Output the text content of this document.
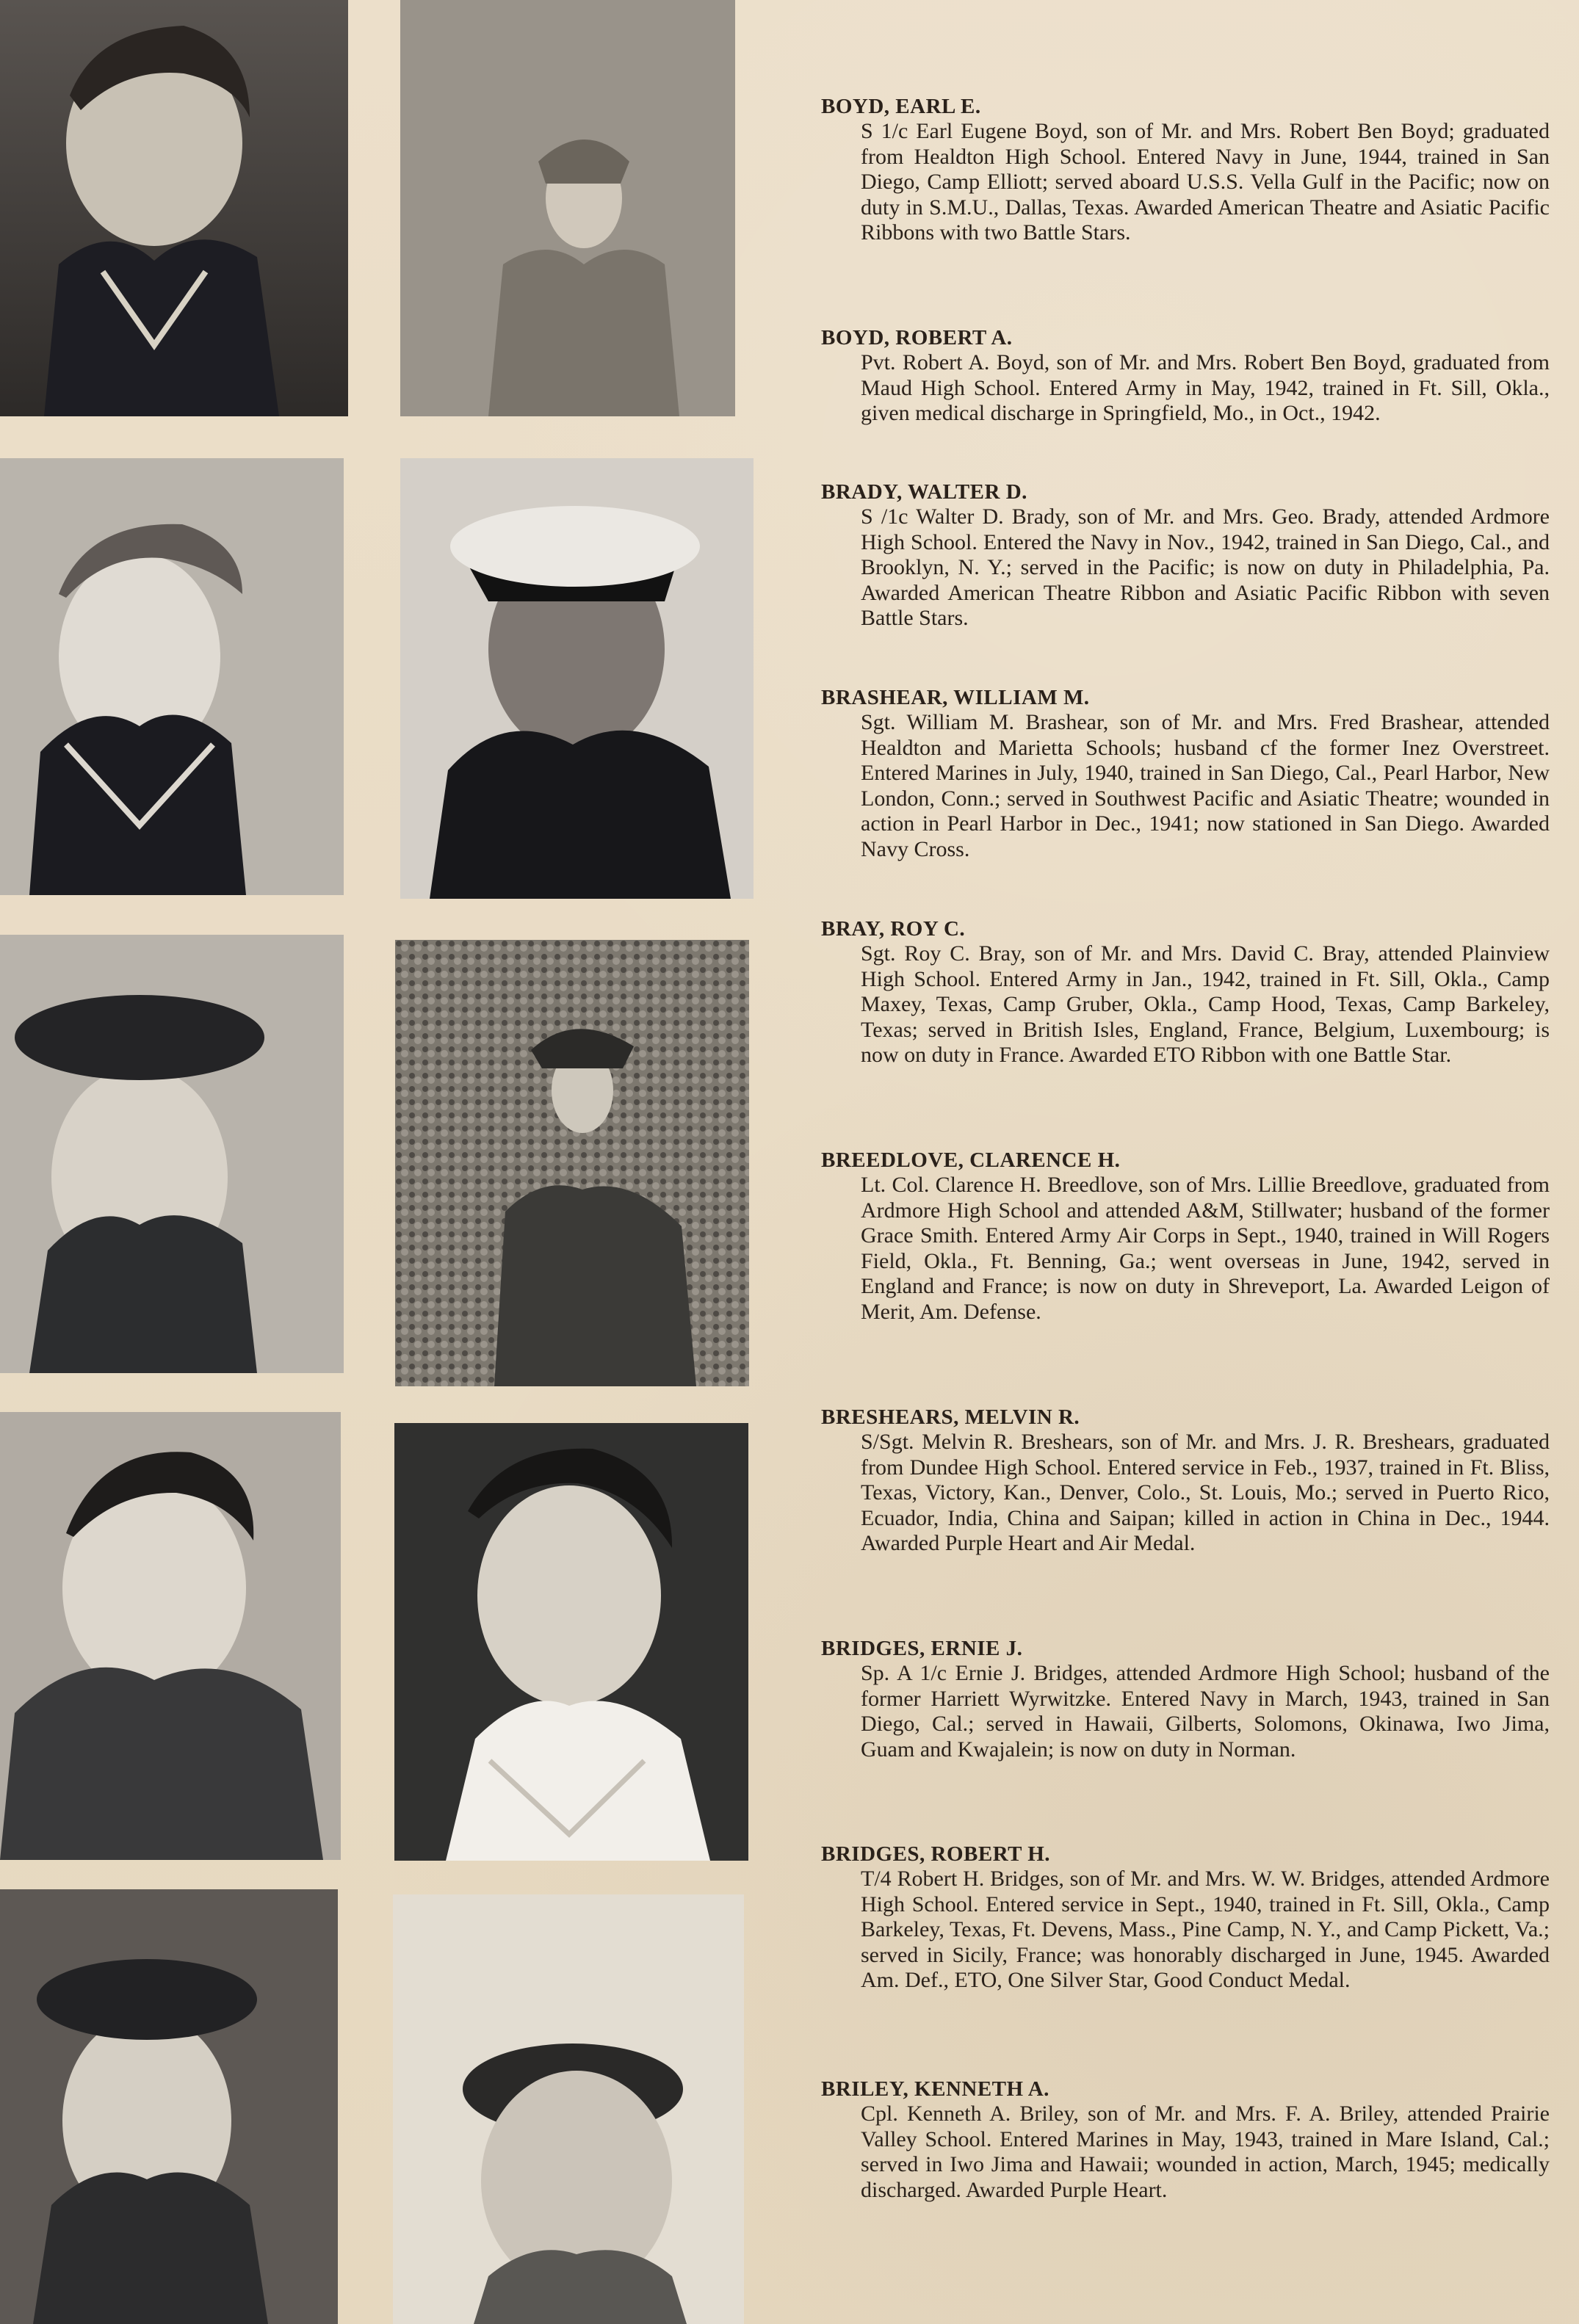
BOYD, EARL E.

S 1/c Earl Eugene Boyd, son of Mr. and Mrs. Robert Ben Boyd; graduated from Healdton High School. Entered Navy in June, 1944, trained in San Diego, Camp Elliott; served aboard U.S.S. Vella Gulf in the Pacific; now on duty in S.M.U., Dallas, Texas. Awarded American Theatre and Asiatic Pacific Ribbons with two Battle Stars.

BOYD, ROBERT A.

Pvt. Robert A. Boyd, son of Mr. and Mrs. Robert Ben Boyd, graduated from Maud High School. Entered Army in May, 1942, trained in Ft. Sill, Okla., given medical discharge in Springfield, Mo., in Oct., 1942.

BRADY, WALTER D.

S /1c Walter D. Brady, son of Mr. and Mrs. Geo. Brady, attended Ardmore High School. Entered the Navy in Nov., 1942, trained in San Diego, Cal., and Brooklyn, N. Y.; served in the Pacific; is now on duty in Philadelphia, Pa. Awarded American Theatre Ribbon and Asiatic Pacific Ribbon with seven Battle Stars.

BRASHEAR, WILLIAM M.

Sgt. William M. Brashear, son of Mr. and Mrs. Fred Brashear, attended Healdton and Marietta Schools; husband cf the former Inez Overstreet. Entered Marines in July, 1940, trained in San Diego, Cal., Pearl Harbor, New London, Conn.; served in Southwest Pacific and Asiatic Theatre; wounded in action in Pearl Harbor in Dec., 1941; now stationed in San Diego. Awarded Navy Cross.

BRAY, ROY C.

Sgt. Roy C. Bray, son of Mr. and Mrs. David C. Bray, attended Plainview High School. Entered Army in Jan., 1942, trained in Ft. Sill, Okla., Camp Maxey, Texas, Camp Gruber, Okla., Camp Hood, Texas, Camp Barkeley, Texas; served in British Isles, England, France, Belgium, Luxembourg; is now on duty in France. Awarded ETO Ribbon with one Battle Star.

BREEDLOVE, CLARENCE H.

Lt. Col. Clarence H. Breedlove, son of Mrs. Lillie Breedlove, graduated from Ardmore High School and attended A&M, Stillwater; husband of the former Grace Smith. Entered Army Air Corps in Sept., 1940, trained in Will Rogers Field, Okla., Ft. Benning, Ga.; went overseas in June, 1942, served in England and France; is now on duty in Shreveport, La. Awarded Leigon of Merit, Am. Defense.

BRESHEARS, MELVIN R.

S/Sgt. Melvin R. Breshears, son of Mr. and Mrs. J. R. Breshears, graduated from Dundee High School. Entered service in Feb., 1937, trained in Ft. Bliss, Texas, Victory, Kan., Denver, Colo., St. Louis, Mo.; served in Puerto Rico, Ecuador, India, China and Saipan; killed in action in China in Dec., 1944. Awarded Purple Heart and Air Medal.

BRIDGES, ERNIE J.

Sp. A 1/c Ernie J. Bridges, attended Ardmore High School; husband of the former Harriett Wyrwitzke. Entered Navy in March, 1943, trained in San Diego, Cal.; served in Hawaii, Gilberts, Solomons, Okinawa, Iwo Jima, Guam and Kwajalein; is now on duty in Norman.

BRIDGES, ROBERT H.

T/4 Robert H. Bridges, son of Mr. and Mrs. W. W. Bridges, attended Ardmore High School. Entered service in Sept., 1940, trained in Ft. Sill, Okla., Camp Barkeley, Texas, Ft. Devens, Mass., Pine Camp, N. Y., and Camp Pickett, Va.; served in Sicily, France; was honorably discharged in June, 1945. Awarded Am. Def., ETO, One Silver Star, Good Conduct Medal.

BRILEY, KENNETH A.

Cpl. Kenneth A. Briley, son of Mr. and Mrs. F. A. Briley, attended Prairie Valley School. Entered Marines in May, 1943, trained in Mare Island, Cal.; served in Iwo Jima and Hawaii; wounded in action, March, 1945; medically discharged. Awarded Purple Heart.
